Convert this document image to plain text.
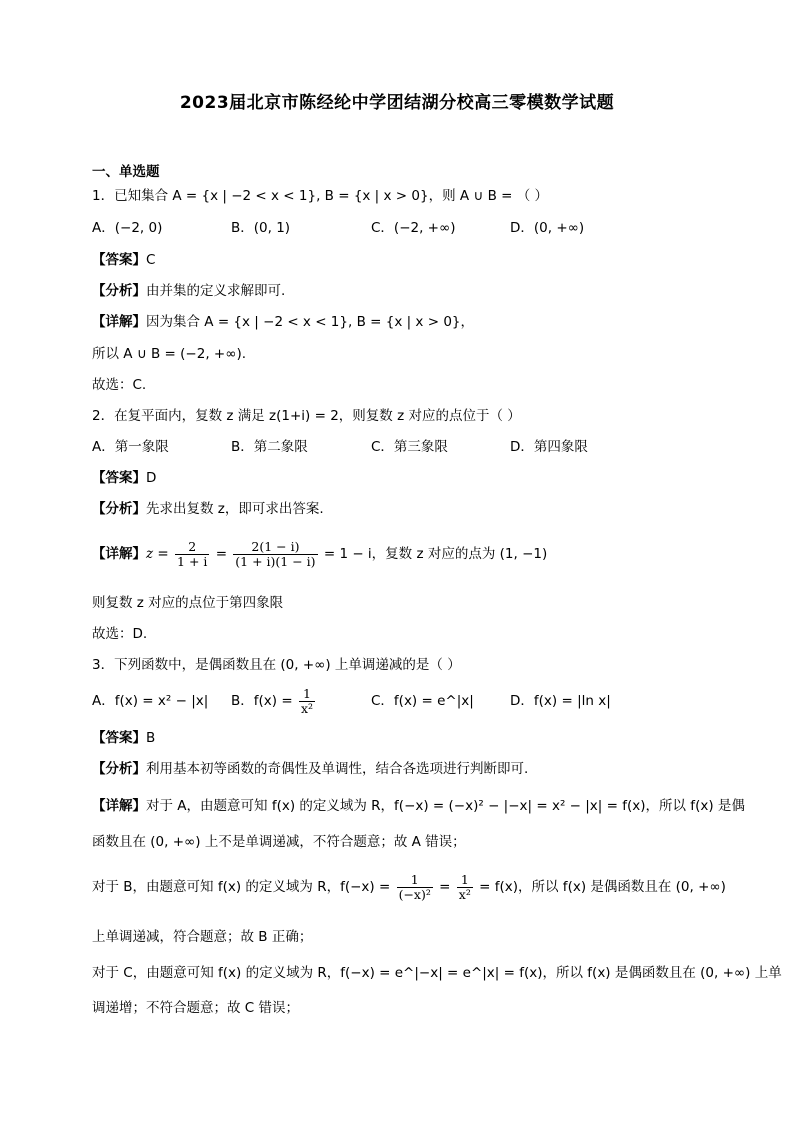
2023届北京市陈经纶中学团结湖分校高三零模数学试题
一、单选题
1．已知集合 A = {x | −2 < x < 1}, B = {x | x > 0}，则 A ∪ B = （ ）
A．(−2, 0)	B．(0, 1)	C．(−2, +∞)	D．(0, +∞)
【答案】C
【分析】由并集的定义求解即可.
【详解】因为集合 A = {x | −2 < x < 1}, B = {x | x > 0}，
所以 A ∪ B = (−2, +∞).
故选：C.
2．在复平面内，复数 z 满足 z(1+i) = 2，则复数 z 对应的点位于（ ）
A．第一象限	B．第二象限	C．第三象限	D．第四象限
【答案】D
【分析】先求出复数 z，即可求出答案.
【详解】$z = \frac{2}{1 + i} = \frac{2(1 - i)}{(1 + i)(1 - i)} = 1 - i$，复数 z 对应的点为 (1, −1)
则复数 z 对应的点位于第四象限
故选：D.
3．下列函数中，是偶函数且在 (0, +∞) 上单调递减的是（ ）
A．f(x) = x² − |x| B．$f(x) = \frac{1}{\text{x²}}$	C．f(x) = e^|x|	D．f(x) = |ln x|
【答案】B
【分析】利用基本初等函数的奇偶性及单调性，结合各选项进行判断即可.
【详解】对于 A，由题意可知 f(x) 的定义域为 R，f(−x) = (−x)² − |−x| = x² − |x| = f(x)，所以 f(x) 是偶
函数且在 (0, +∞) 上不是单调递减，不符合题意；故 A 错误；
对于 B，由题意可知 f(x) 的定义域为 R，$f(-x) = \frac{1}{\text{(−x)²}} = \frac{1}{\text{x²}} = f(x)$，所以 f(x) 是偶函数且在 (0, +∞)
上单调递减，符合题意；故 B 正确；
对于 C，由题意可知 f(x) 的定义域为 R，f(−x) = e^|−x| = e^|x| = f(x)，所以 f(x) 是偶函数且在 (0, +∞) 上单
调递增；不符合题意；故 C 错误；
